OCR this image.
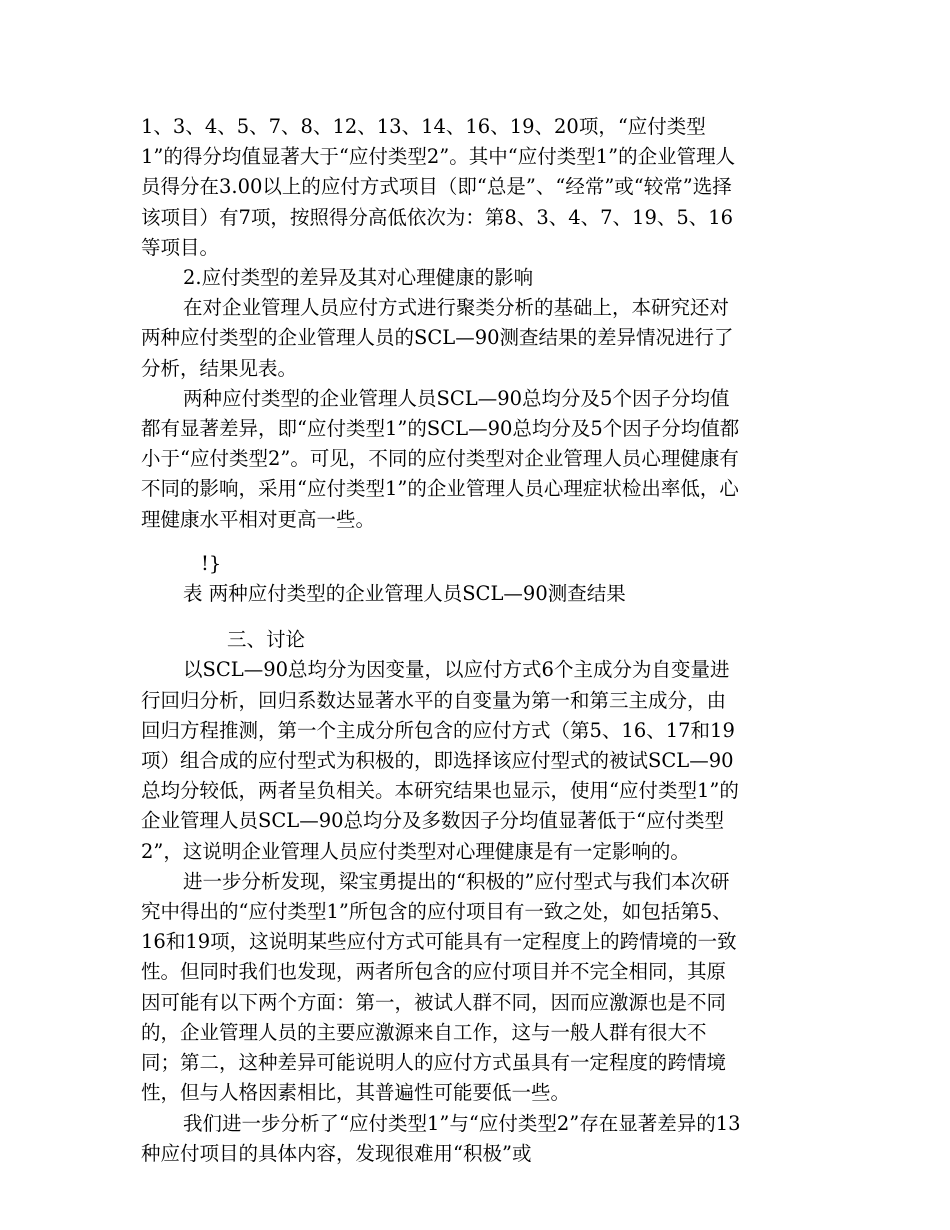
1、3、4、5、7、8、12、13、14、16、19、20项，“应付类型1”的得分均值显著大于“应付类型2”。其中“应付类型1”的企业管理人员得分在3.00以上的应付方式项目（即“总是”、“经常”或“较常”选择该项目）有7项，按照得分高低依次为：第8、3、4、7、19、5、16等项目。

2.应付类型的差异及其对心理健康的影响

在对企业管理人员应付方式进行聚类分析的基础上，本研究还对两种应付类型的企业管理人员的SCL—90测查结果的差异情况进行了分析，结果见表。

两种应付类型的企业管理人员SCL—90总均分及5个因子分均值都有显著差异，即“应付类型1”的SCL—90总均分及5个因子分均值都小于“应付类型2”。可见，不同的应付类型对企业管理人员心理健康有不同的影响，采用“应付类型1”的企业管理人员心理症状检出率低，心理健康水平相对更高一些。

!}

表 两种应付类型的企业管理人员SCL—90测查结果

三、讨论

以SCL—90总均分为因变量，以应付方式6个主成分为自变量进行回归分析，回归系数达显著水平的自变量为第一和第三主成分，由回归方程推测，第一个主成分所包含的应付方式（第5、16、17和19项）组合成的应付型式为积极的，即选择该应付型式的被试SCL—90总均分较低，两者呈负相关。本研究结果也显示，使用“应付类型1”的企业管理人员SCL—90总均分及多数因子分均值显著低于“应付类型2”，这说明企业管理人员应付类型对心理健康是有一定影响的。

进一步分析发现，梁宝勇提出的“积极的”应付型式与我们本次研究中得出的“应付类型1”所包含的应付项目有一致之处，如包括第5、16和19项，这说明某些应付方式可能具有一定程度上的跨情境的一致性。但同时我们也发现，两者所包含的应付项目并不完全相同，其原因可能有以下两个方面：第一，被试人群不同，因而应激源也是不同的，企业管理人员的主要应激源来自工作，这与一般人群有很大不同；第二，这种差异可能说明人的应付方式虽具有一定程度的跨情境性，但与人格因素相比，其普遍性可能要低一些。

我们进一步分析了“应付类型1”与“应付类型2”存在显著差异的13种应付项目的具体内容，发现很难用“积极”或
